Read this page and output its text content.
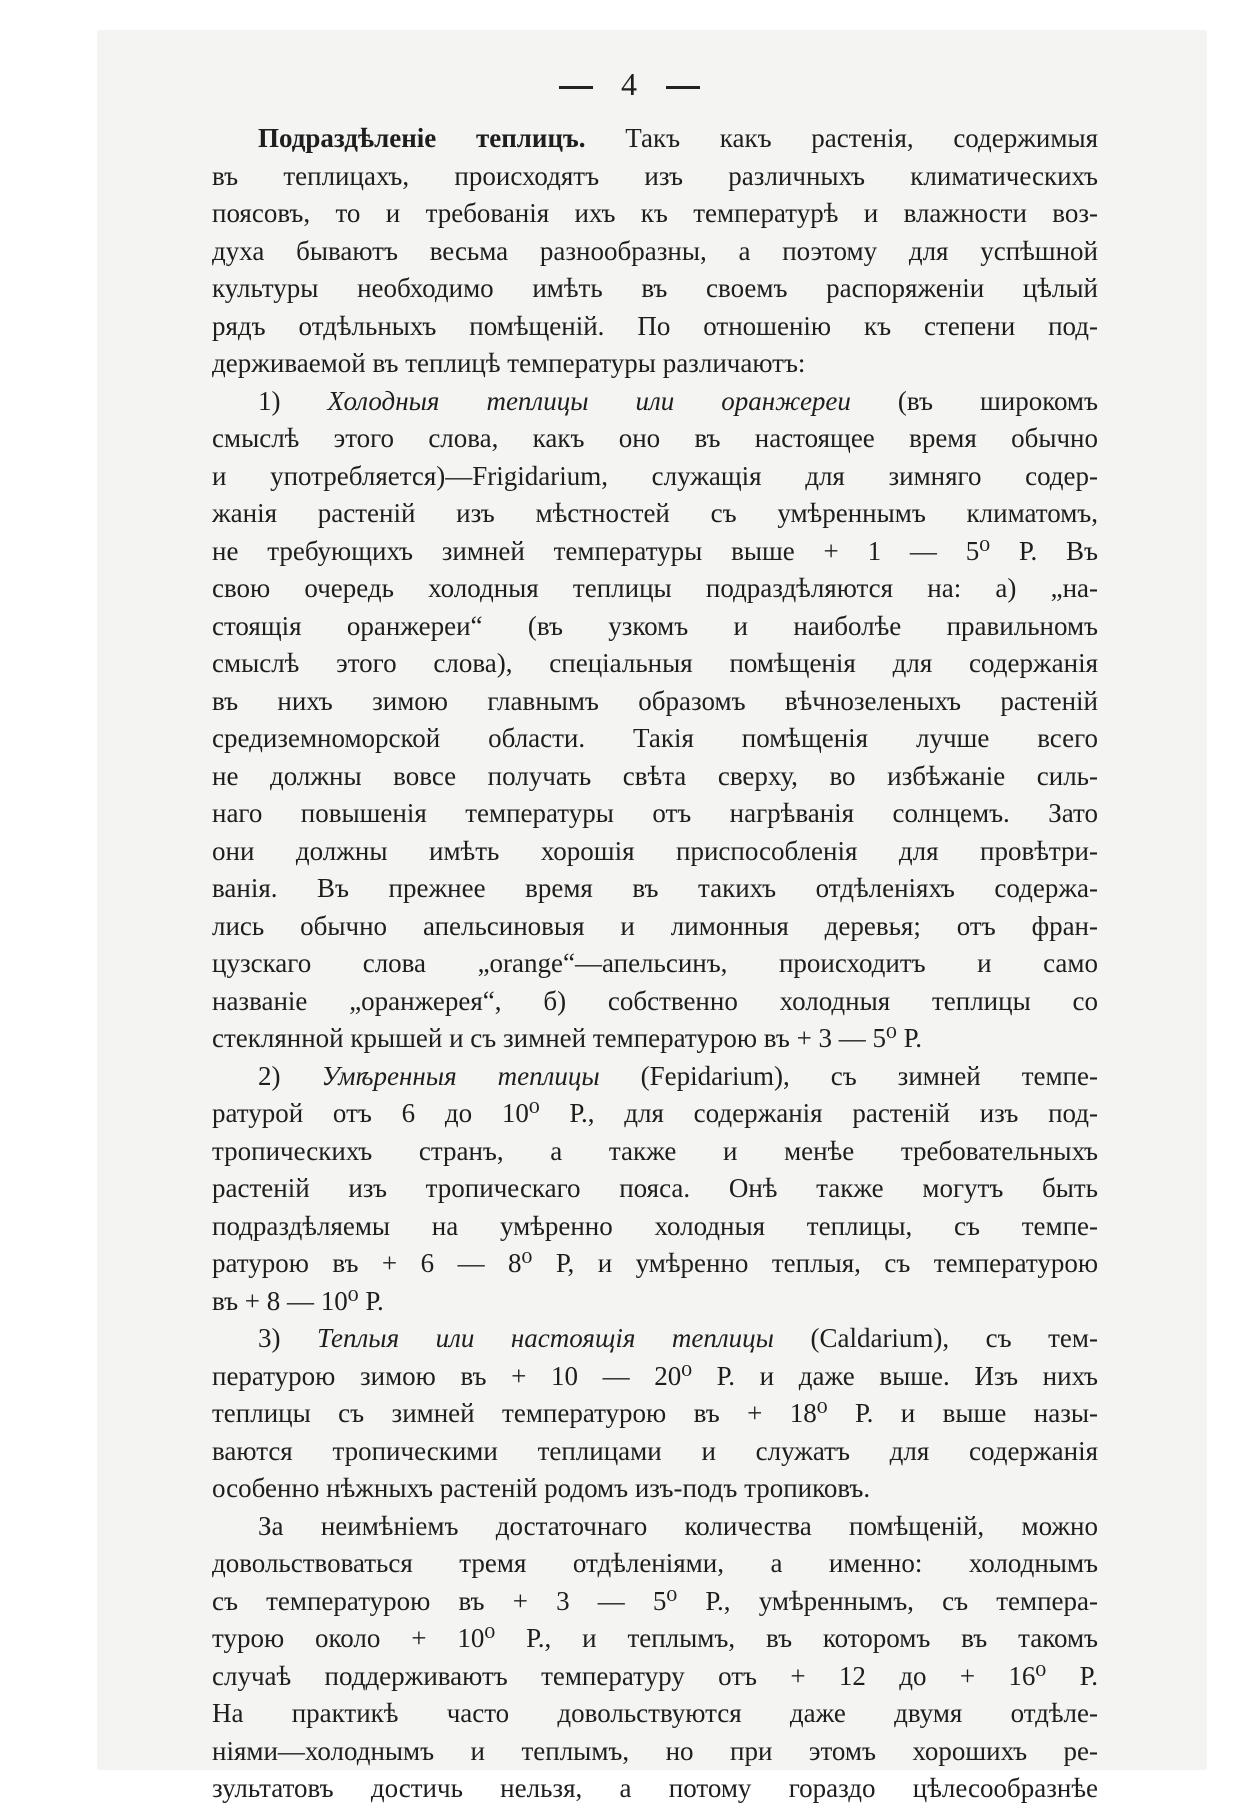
4
Подраздѣленіе теплицъ. Такъ какъ растенія, содержимыя
въ теплицахъ, происходятъ изъ различныхъ климатическихъ
поясовъ, то и требованія ихъ къ температурѣ и влажности воз-
духа бываютъ весьма разнообразны, а поэтому для успѣшной
культуры необходимо имѣть въ своемъ распоряженіи цѣлый
рядъ отдѣльныхъ помѣщеній. По отношенію къ степени под-
держиваемой въ теплицѣ температуры различаютъ:
1) Холодныя теплицы или оранжереи (въ широкомъ
смыслѣ этого слова, какъ оно въ настоящее время обычно
и употребляется)—Frigidarium, служащія для зимняго содер-
жанія растеній изъ мѣстностей съ умѣреннымъ климатомъ,
не требующихъ зимней температуры выше + 1 — 5⁰ Р. Въ
свою очередь холодныя теплицы подраздѣляются на: а) „на-
стоящія оранжереи“ (въ узкомъ и наиболѣе правильномъ
смыслѣ этого слова), спеціальныя помѣщенія для содержанія
въ нихъ зимою главнымъ образомъ вѣчнозеленыхъ растеній
средиземноморской области. Такія помѣщенія лучше всего
не должны вовсе получать свѣта сверху, во избѣжаніе силь-
наго повышенія температуры отъ нагрѣванія солнцемъ. Зато
они должны имѣть хорошія приспособленія для провѣтри-
ванія. Въ прежнее время въ такихъ отдѣленіяхъ содержа-
лись обычно апельсиновыя и лимонныя деревья; отъ фран-
цузскаго слова „orange“—апельсинъ, происходитъ и само
названіе „оранжерея“, б) собственно холодныя теплицы со
стеклянной крышей и съ зимней температурою въ + 3 — 5⁰ Р.
2) Умѣренныя теплицы (Fepidarium), съ зимней темпе-
ратурой отъ 6 до 10⁰ Р., для содержанія растеній изъ под-
тропическихъ странъ, а также и менѣе требовательныхъ
растеній изъ тропическаго пояса. Онѣ также могутъ быть
подраздѣляемы на умѣренно холодныя теплицы, съ темпе-
ратурою въ + 6 — 8⁰ Р, и умѣренно теплыя, съ температурою
въ + 8 — 10⁰ Р.
3) Теплыя или настоящія теплицы (Caldarium), съ тем-
пературою зимою въ + 10 — 20⁰ Р. и даже выше. Изъ нихъ
теплицы съ зимней температурою въ + 18⁰ Р. и выше назы-
ваются тропическими теплицами и служатъ для содержанія
особенно нѣжныхъ растеній родомъ изъ-подъ тропиковъ.
За неимѣніемъ достаточнаго количества помѣщеній, можно
довольствоваться тремя отдѣленіями, а именно: холоднымъ
съ температурою въ + 3 — 5⁰ Р., умѣреннымъ, съ темпера-
турою около + 10⁰ Р., и теплымъ, въ которомъ въ такомъ
случаѣ поддерживаютъ температуру отъ + 12 до + 16⁰ Р.
На практикѣ часто довольствуются даже двумя отдѣле-
ніями—холоднымъ и теплымъ, но при этомъ хорошихъ ре-
зультатовъ достичь нельзя, а потому гораздо цѣлесообразнѣе
